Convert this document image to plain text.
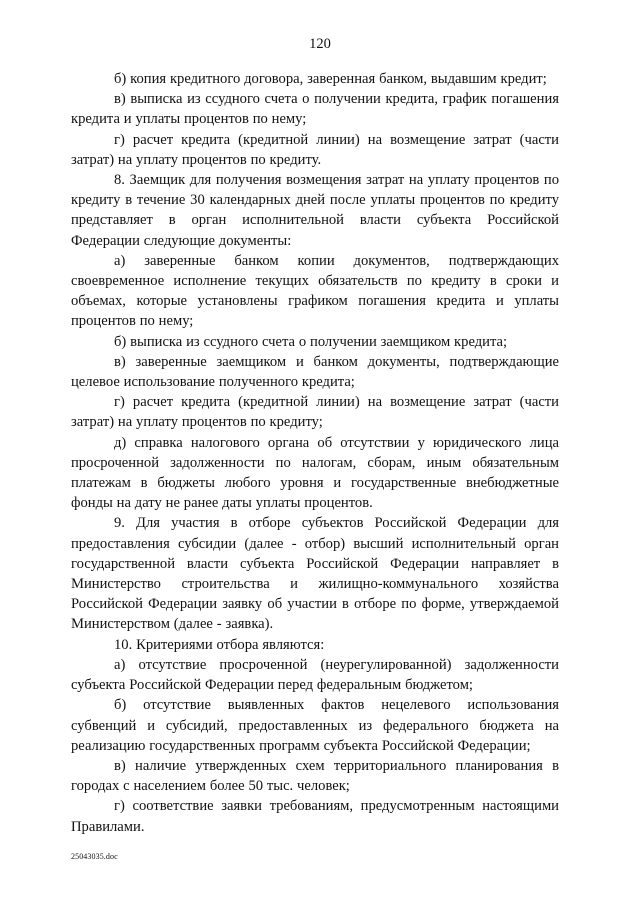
120

б) копия кредитного договора, заверенная банком, выдавшим кредит;

в) выписка из ссудного счета о получении кредита, график погашения кредита и уплаты процентов по нему;

г) расчет кредита (кредитной линии) на возмещение затрат (части затрат) на уплату процентов по кредиту.

8. Заемщик для получения возмещения затрат на уплату процентов по кредиту в течение 30 календарных дней после уплаты процентов по кредиту представляет в орган исполнительной власти субъекта Российской Федерации следующие документы:

а) заверенные банком копии документов, подтверждающих своевременное исполнение текущих обязательств по кредиту в сроки и объемах, которые установлены графиком погашения кредита и уплаты процентов по нему;

б) выписка из ссудного счета о получении заемщиком кредита;

в) заверенные заемщиком и банком документы, подтверждающие целевое использование полученного кредита;

г) расчет кредита (кредитной линии) на возмещение затрат (части затрат) на уплату процентов по кредиту;

д) справка налогового органа об отсутствии у юридического лица просроченной задолженности по налогам, сборам, иным обязательным платежам в бюджеты любого уровня и государственные внебюджетные фонды на дату не ранее даты уплаты процентов.

9. Для участия в отборе субъектов Российской Федерации для предоставления субсидии (далее - отбор) высший исполнительный орган государственной власти субъекта Российской Федерации направляет в Министерство строительства и жилищно-коммунального хозяйства Российской Федерации заявку об участии в отборе по форме, утверждаемой Министерством (далее - заявка).

10. Критериями отбора являются:

а) отсутствие просроченной (неурегулированной) задолженности субъекта Российской Федерации перед федеральным бюджетом;

б) отсутствие выявленных фактов нецелевого использования субвенций и субсидий, предоставленных из федерального бюджета на реализацию государственных программ субъекта Российской Федерации;

в) наличие утвержденных схем территориального планирования в городах с населением более 50 тыс. человек;

г) соответствие заявки требованиям, предусмотренным настоящими Правилами.

25043035.doc
